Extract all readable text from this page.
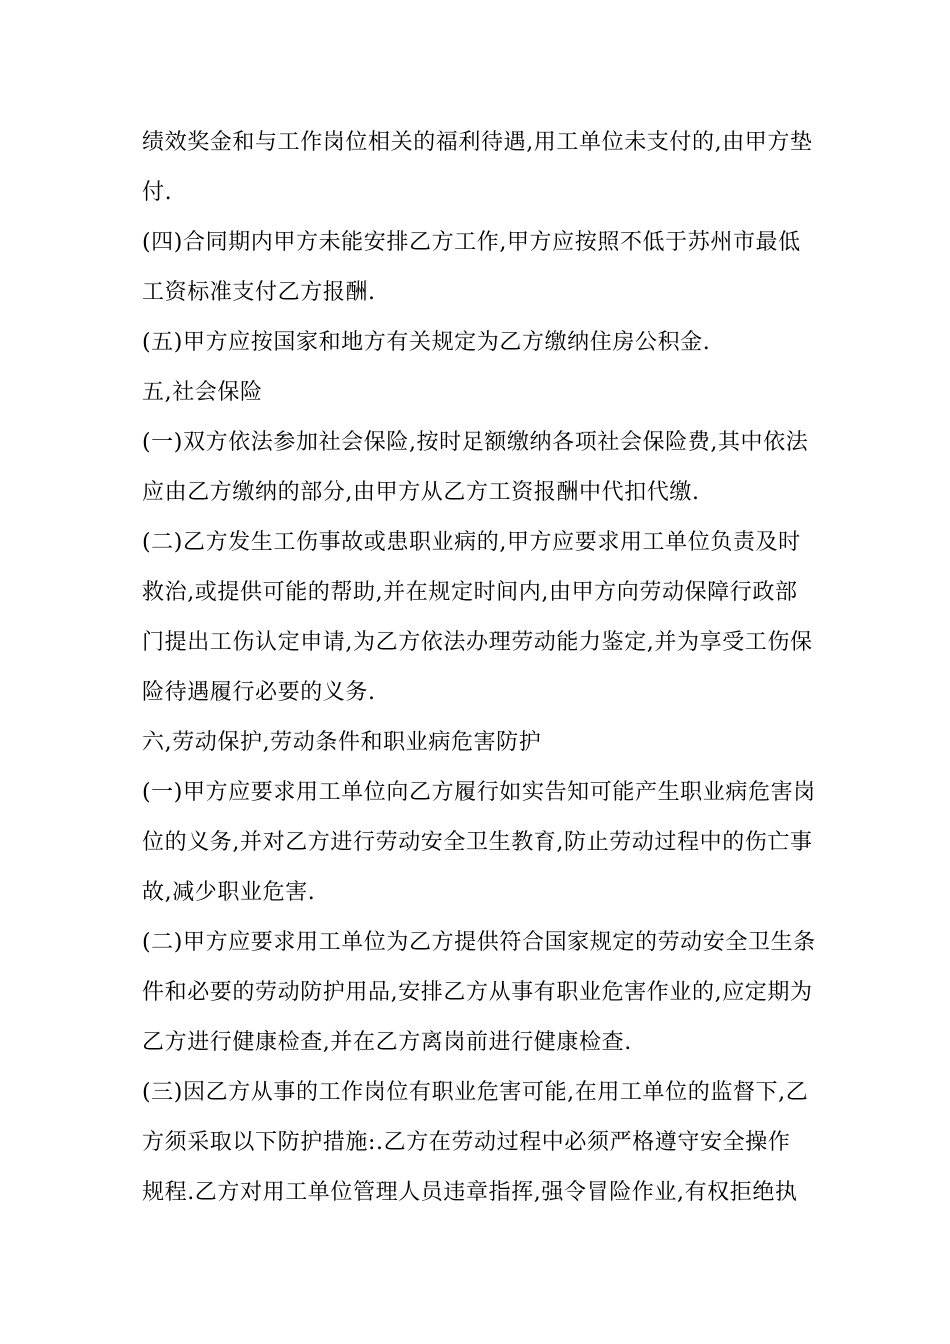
绩效奖金和与工作岗位相关的福利待遇,用工单位未支付的,由甲方垫
付.
(四)合同期内甲方未能安排乙方工作,甲方应按照不低于苏州市最低
工资标准支付乙方报酬.
(五)甲方应按国家和地方有关规定为乙方缴纳住房公积金.
五,社会保险
(一)双方依法参加社会保险,按时足额缴纳各项社会保险费,其中依法
应由乙方缴纳的部分,由甲方从乙方工资报酬中代扣代缴.
(二)乙方发生工伤事故或患职业病的,甲方应要求用工单位负责及时
救治,或提供可能的帮助,并在规定时间内,由甲方向劳动保障行政部
门提出工伤认定申请,为乙方依法办理劳动能力鉴定,并为享受工伤保
险待遇履行必要的义务.
六,劳动保护,劳动条件和职业病危害防护
(一)甲方应要求用工单位向乙方履行如实告知可能产生职业病危害岗
位的义务,并对乙方进行劳动安全卫生教育,防止劳动过程中的伤亡事
故,减少职业危害.
(二)甲方应要求用工单位为乙方提供符合国家规定的劳动安全卫生条
件和必要的劳动防护用品,安排乙方从事有职业危害作业的,应定期为
乙方进行健康检查,并在乙方离岗前进行健康检查.
(三)因乙方从事的工作岗位有职业危害可能,在用工单位的监督下,乙
方须采取以下防护措施:.乙方在劳动过程中必须严格遵守安全操作
规程.乙方对用工单位管理人员违章指挥,强令冒险作业,有权拒绝执
